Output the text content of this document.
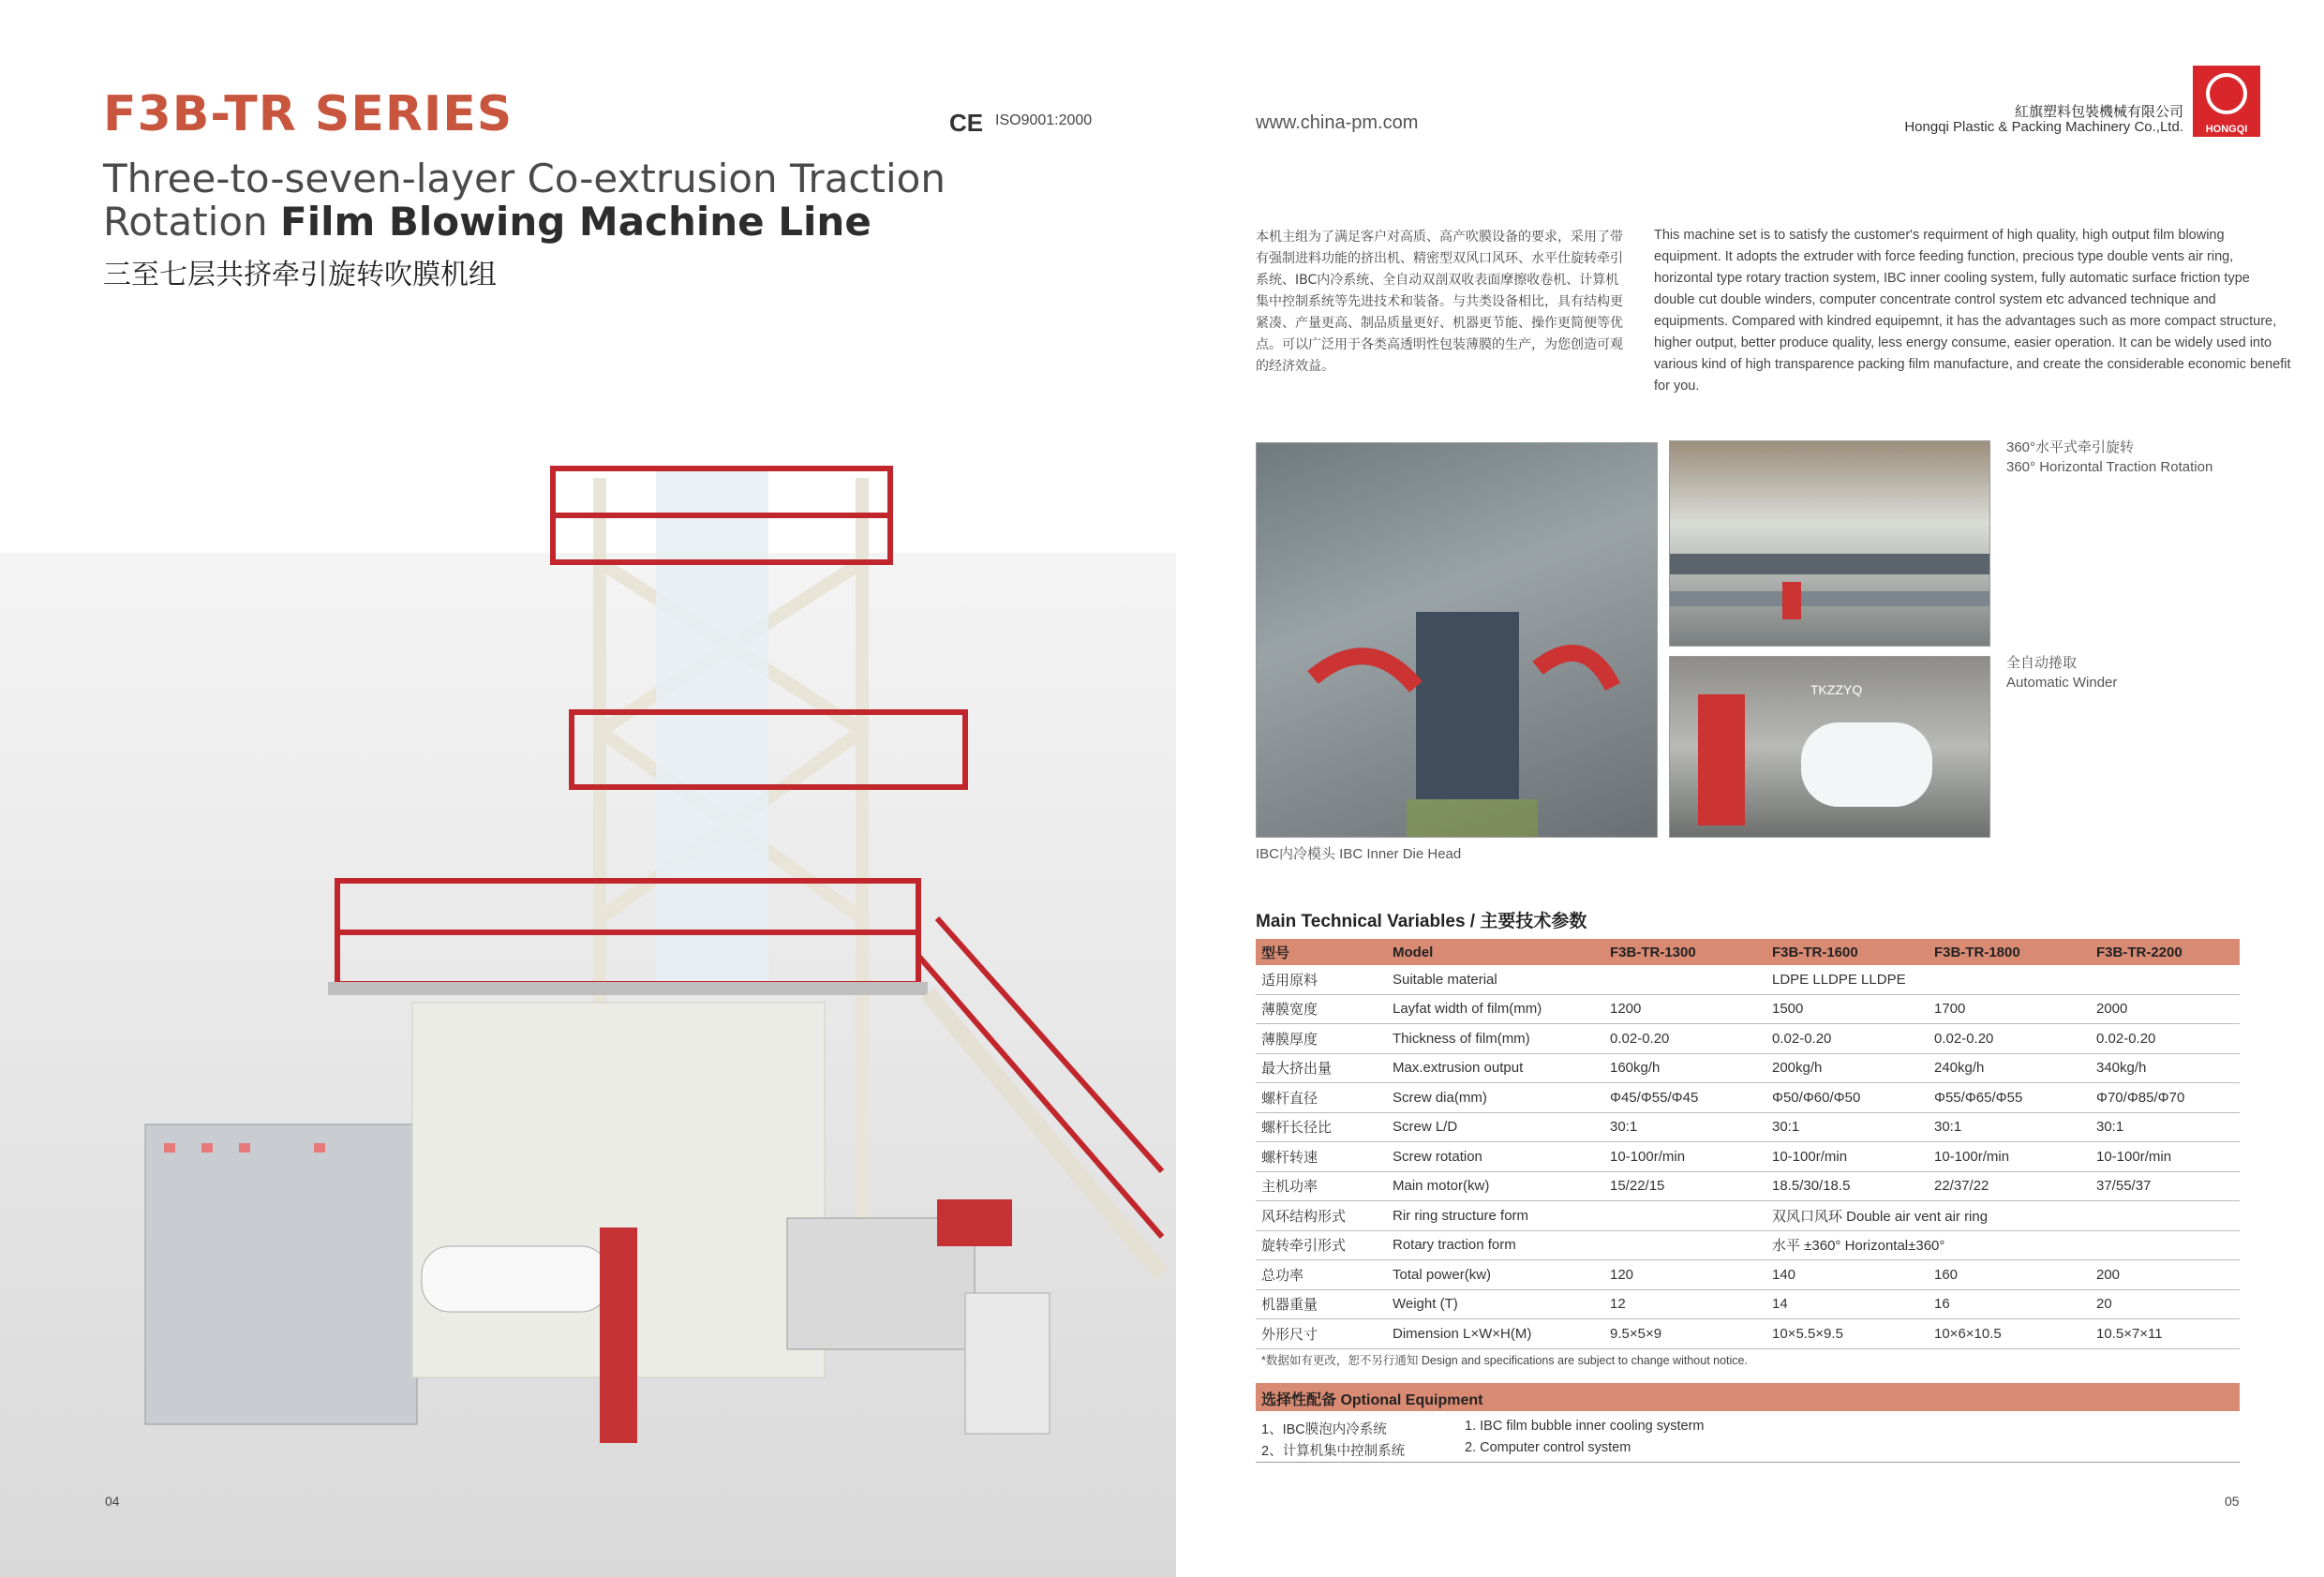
F3B-TR SERIES
Three-to-seven-layer Co-extrusion Traction
Rotation Film Blowing Machine Line
三至七层共挤牵引旋转吹膜机组
CE ISO9001:2000	www.china-pm.com
紅旗塑料包裝機械有限公司
Hongqi Plastic & Packing Machinery Co.,Ltd.	HONGQI
本机主组为了满足客户对高质、高产吹膜设备的要求，采用了带有强制进料功能的挤出机、精密型双风口风环、水平仕旋转牵引系统、IBC内冷系统、全自动双剖双收表面摩擦收卷机、计算机集中控制系统等先进技术和装备。与共类设备相比，具有结构更紧凑、产量更高、制品质量更好、机器更节能、操作更简便等优点。可以广泛用于各类高透明性包装薄膜的生产，为您创造可观的经济效益。
This machine set is to satisfy the customer's requirment of high quality, high output film blowing equipment. It adopts the extruder with force feeding function, precious type double vents air ring, horizontal type rotary traction system, IBC inner cooling system, fully automatic surface friction type double cut double winders, computer concentrate control system etc advanced technique and equipments. Compared with kindred equipemnt, it has the advantages such as more compact structure, higher output, better produce quality, less energy consume, easier operation. It can be widely used into various kind of high transparence packing film manufacture, and create the considerable economic benefit for you.
IBC内冷模头 IBC Inner Die Head
360°水平式牵引旋转
360° Horizontal Traction Rotation
TKZZYQ
全自动捲取
Automatic Winder
Main Technical Variables / 主要技术参数
型号	Model	F3B-TR-1300	F3B-TR-1600	F3B-TR-1800	F3B-TR-2200
适用原料	Suitable material		LDPE LLDPE LLDPE		
薄膜宽度	Layfat width of film(mm)	1200	1500	1700	2000
薄膜厚度	Thickness of film(mm)	0.02-0.20	0.02-0.20	0.02-0.20	0.02-0.20
最大挤出量	Max.extrusion output	160kg/h	200kg/h	240kg/h	340kg/h
螺杆直径	Screw dia(mm)	Φ45/Φ55/Φ45	Φ50/Φ60/Φ50	Φ55/Φ65/Φ55	Φ70/Φ85/Φ70
螺杆长径比	Screw L/D	30:1	30:1	30:1	30:1
螺杆转速	Screw rotation	10-100r/min	10-100r/min	10-100r/min	10-100r/min
主机功率	Main motor(kw)	15/22/15	18.5/30/18.5	22/37/22	37/55/37
风环结构形式	Rir ring structure form		双风口风环 Double air vent air ring		
旋转牵引形式	Rotary traction form		水平 ±360° Horizontal±360°		
总功率	Total power(kw)	120	140	160	200
机器重量	Weight (T)	12	14	16	20
外形尺寸	Dimension L×W×H(M)	9.5×5×9	10×5.5×9.5	10×6×10.5	10.5×7×11
*数据如有更改，恕不另行通知 Design and specifications are subject to change without notice.
选择性配备 Optional Equipment
1、IBC膜泡内冷系统
2、计算机集中控制系统
1. IBC film bubble inner cooling systerm
2. Computer control system
04	05
